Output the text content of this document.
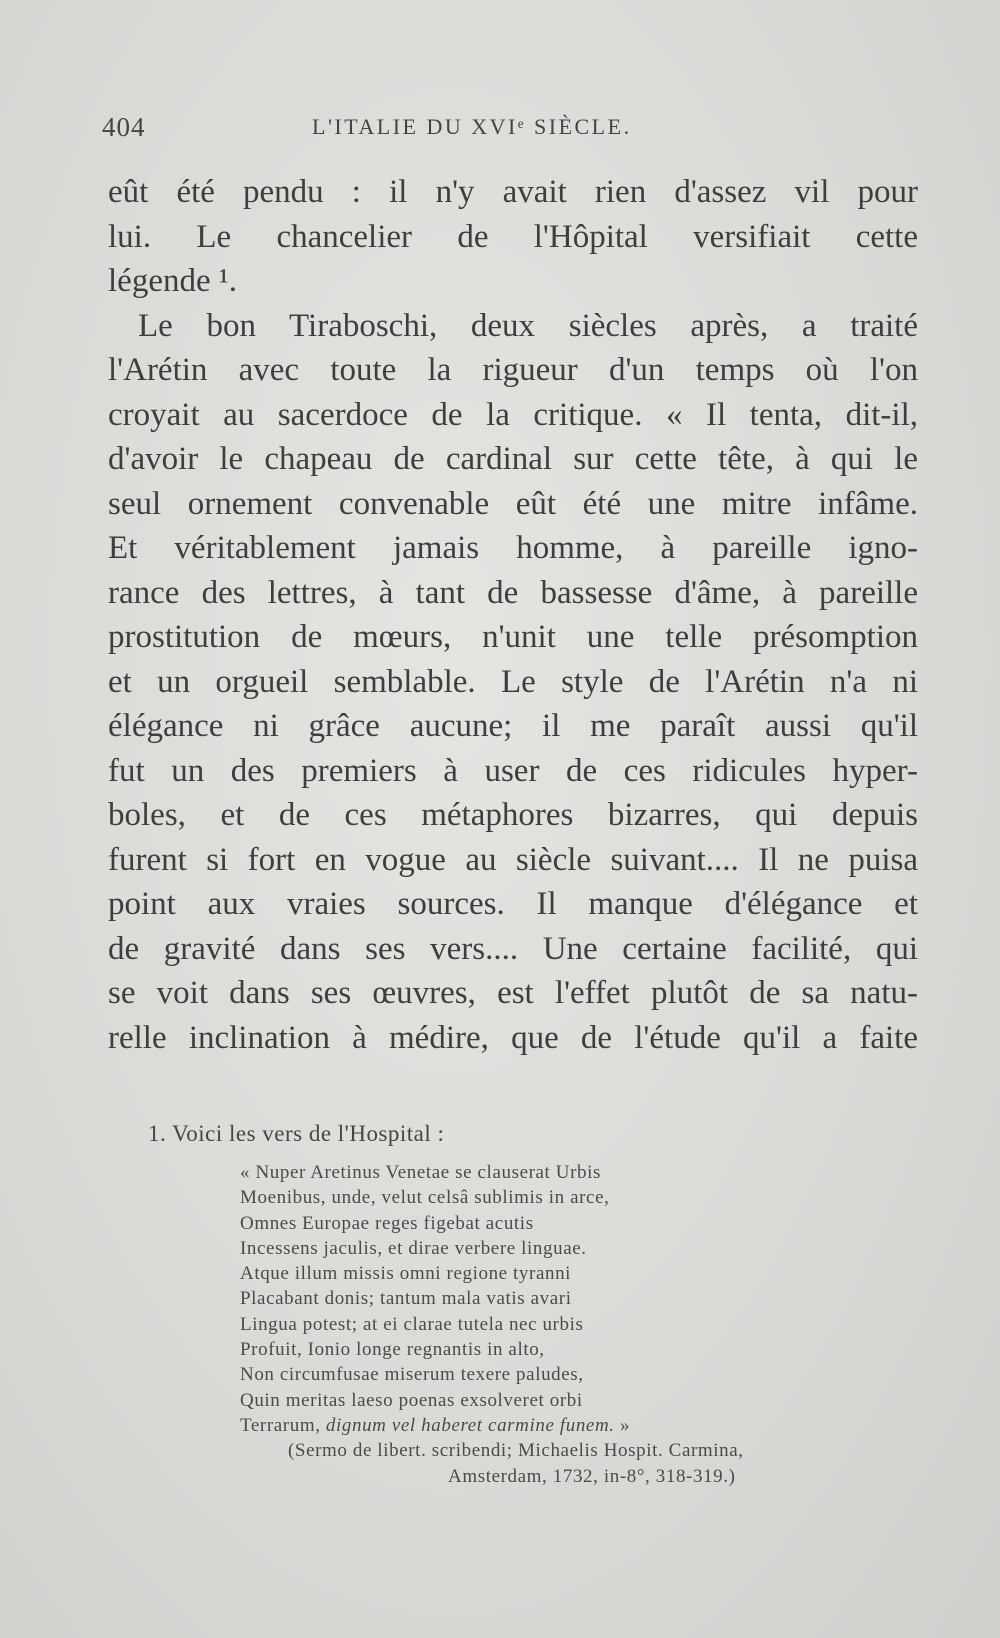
404	L'ITALIE DU XVIᵉ SIÈCLE.
eût été pendu : il n'y avait rien d'assez vil pour
lui. Le chancelier de l'Hôpital versifiait cette
légende ¹.
Le bon Tiraboschi, deux siècles après, a traité
l'Arétin avec toute la rigueur d'un temps où l'on
croyait au sacerdoce de la critique. « Il tenta, dit-il,
d'avoir le chapeau de cardinal sur cette tête, à qui le
seul ornement convenable eût été une mitre infâme.
Et véritablement jamais homme, à pareille igno-
rance des lettres, à tant de bassesse d'âme, à pareille
prostitution de mœurs, n'unit une telle présomption
et un orgueil semblable. Le style de l'Arétin n'a ni
élégance ni grâce aucune; il me paraît aussi qu'il
fut un des premiers à user de ces ridicules hyper-
boles, et de ces métaphores bizarres, qui depuis
furent si fort en vogue au siècle suivant.... Il ne puisa
point aux vraies sources. Il manque d'élégance et
de gravité dans ses vers.... Une certaine facilité, qui
se voit dans ses œuvres, est l'effet plutôt de sa natu-
relle inclination à médire, que de l'étude qu'il a faite
1. Voici les vers de l'Hospital :
« Nuper Aretinus Venetae se clauserat Urbis
Moenibus, unde, velut celsâ sublimis in arce,
Omnes Europae reges figebat acutis
Incessens jaculis, et dirae verbere linguae.
Atque illum missis omni regione tyranni
Placabant donis; tantum mala vatis avari
Lingua potest; at ei clarae tutela nec urbis
Profuit, Ionio longe regnantis in alto,
Non circumfusae miserum texere paludes,
Quin meritas laeso poenas exsolveret orbi
Terrarum, dignum vel haberet carmine funem. »
(Sermo de libert. scribendi; Michaelis Hospit. Carmina,
Amsterdam, 1732, in-8°, 318-319.)
